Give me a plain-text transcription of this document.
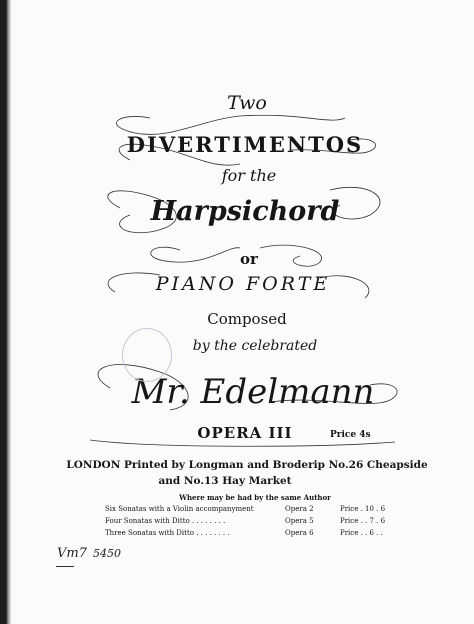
Two
DIVERTIMENTOS
for the
Harpsichord
or
PIANO FORTE
Composed
by the celebrated
Mr. Edelmann
OPERA III	Price 4s
LONDON Printed by Longman and Broderip No.26 Cheapside
and No.13 Hay Market
Where may be had by the same Author
Six Sonatas with a Violin accompanyment	Opera 2	Price . 10 . 6
Four Sonatas with Ditto . . . . . . . .	Opera 5	Price . . 7 . 6
Three Sonatas with Ditto . . . . . . . .	Opera 6	Price . . 6 . .
Vm7 5450
